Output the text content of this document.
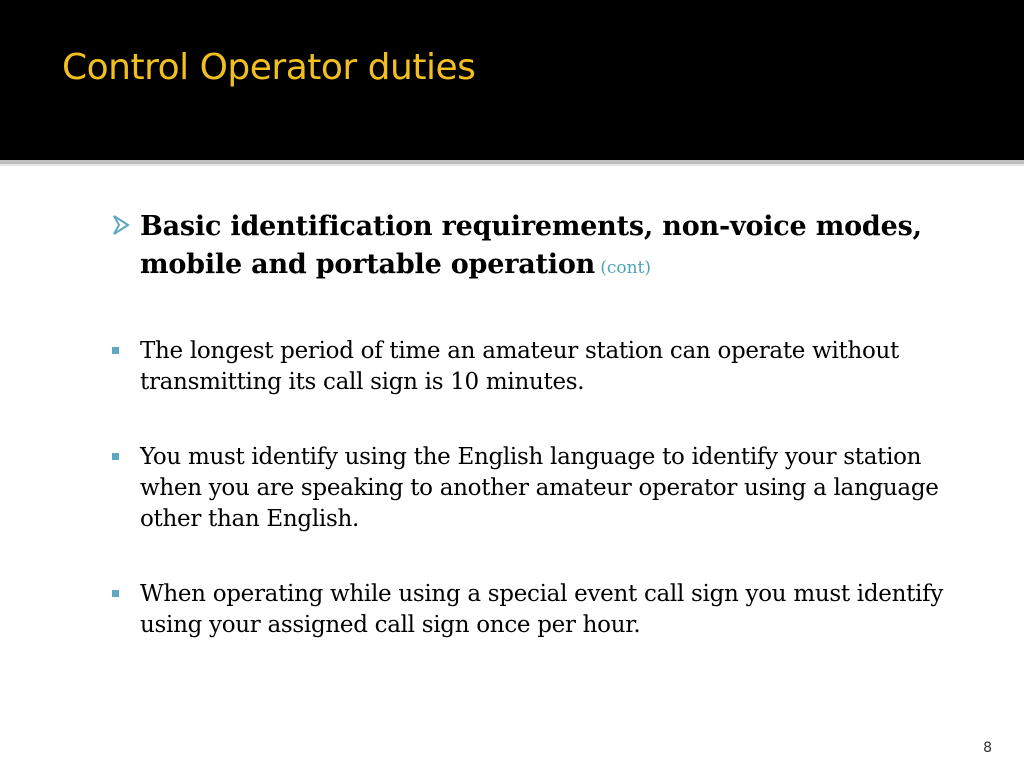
Control Operator duties
Basic identification requirements, non-voice modes, mobile and portable operation (cont)
The longest period of time an amateur station can operate without transmitting its call sign is 10 minutes.
You must identify using the English language to identify your station when you are speaking to another amateur operator using a language other than English.
When operating while using a special event call sign you must identify using your assigned call sign once per hour.
8
